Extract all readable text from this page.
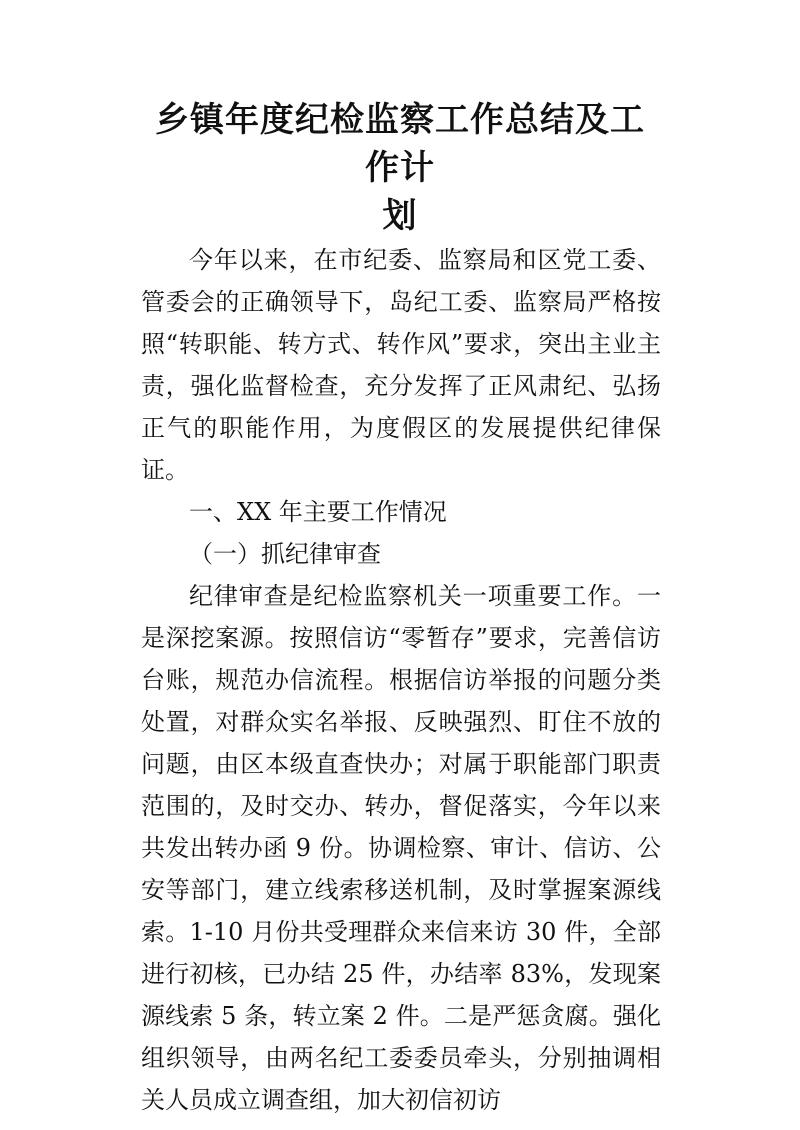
乡镇年度纪检监察工作总结及工作计
划

今年以来，在市纪委、监察局和区党工委、管委会的正确领导下，岛纪工委、监察局严格按照“转职能、转方式、转作风”要求，突出主业主责，强化监督检查，充分发挥了正风肃纪、弘扬正气的职能作用，为度假区的发展提供纪律保证。

一、XX 年主要工作情况

（一）抓纪律审查

纪律审查是纪检监察机关一项重要工作。一是深挖案源。按照信访“零暂存”要求，完善信访台账，规范办信流程。根据信访举报的问题分类处置，对群众实名举报、反映强烈、盯住不放的问题，由区本级直查快办；对属于职能部门职责范围的，及时交办、转办，督促落实，今年以来共发出转办函 9 份。协调检察、审计、信访、公安等部门，建立线索移送机制，及时掌握案源线索。1-10 月份共受理群众来信来访 30 件，全部进行初核，已办结 25 件，办结率 83%，发现案源线索 5 条，转立案 2 件。二是严惩贪腐。强化组织领导，由两名纪工委委员牵头，分别抽调相关人员成立调查组，加大初信初访
